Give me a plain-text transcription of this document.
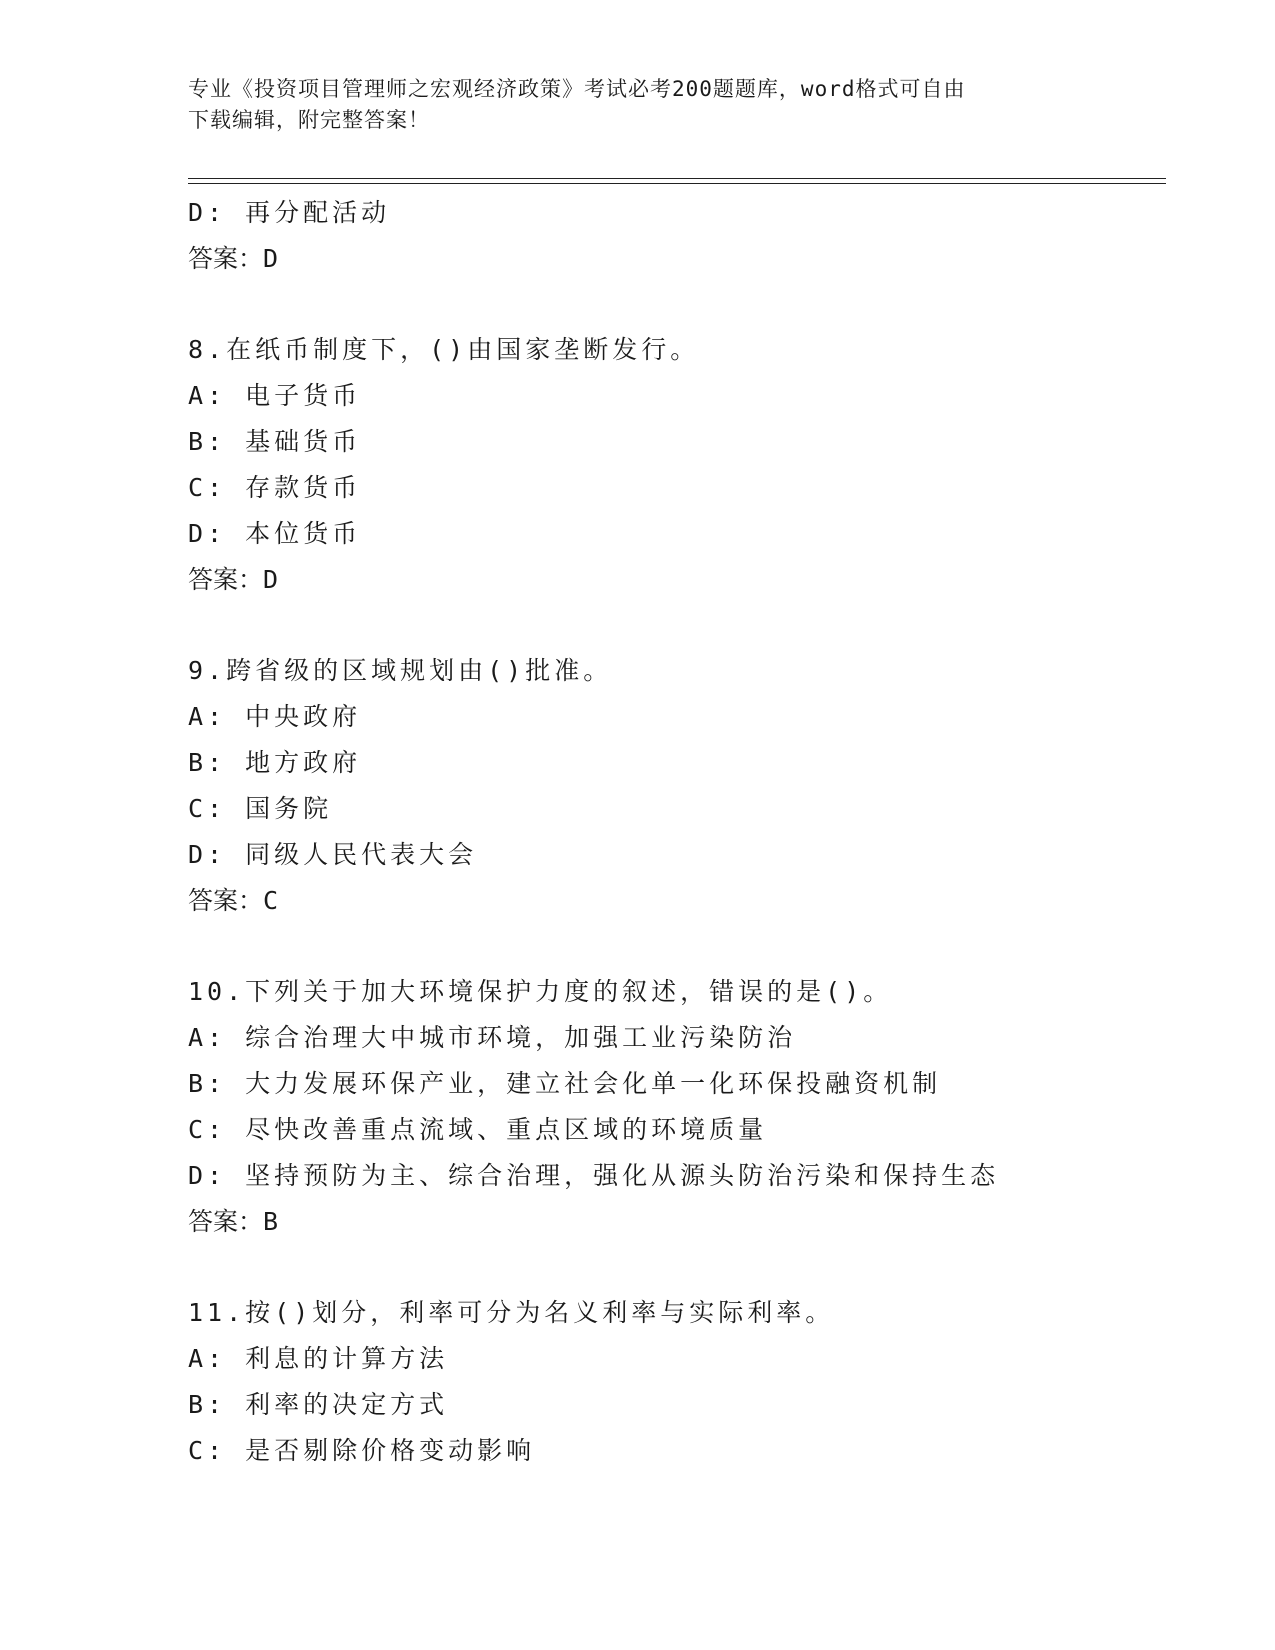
专业《投资项目管理师之宏观经济政策》考试必考200题题库，word格式可自由
下载编辑，附完整答案！
D: 再分配活动
答案：D
8.在纸币制度下，()由国家垄断发行。
A: 电子货币
B: 基础货币
C: 存款货币
D: 本位货币
答案：D
9.跨省级的区域规划由()批准。
A: 中央政府
B: 地方政府
C: 国务院
D: 同级人民代表大会
答案：C
10.下列关于加大环境保护力度的叙述，错误的是()。
A: 综合治理大中城市环境，加强工业污染防治
B: 大力发展环保产业，建立社会化单一化环保投融资机制
C: 尽快改善重点流域、重点区域的环境质量
D: 坚持预防为主、综合治理，强化从源头防治污染和保持生态
答案：B
11.按()划分，利率可分为名义利率与实际利率。
A: 利息的计算方法
B: 利率的决定方式
C: 是否剔除价格变动影响
